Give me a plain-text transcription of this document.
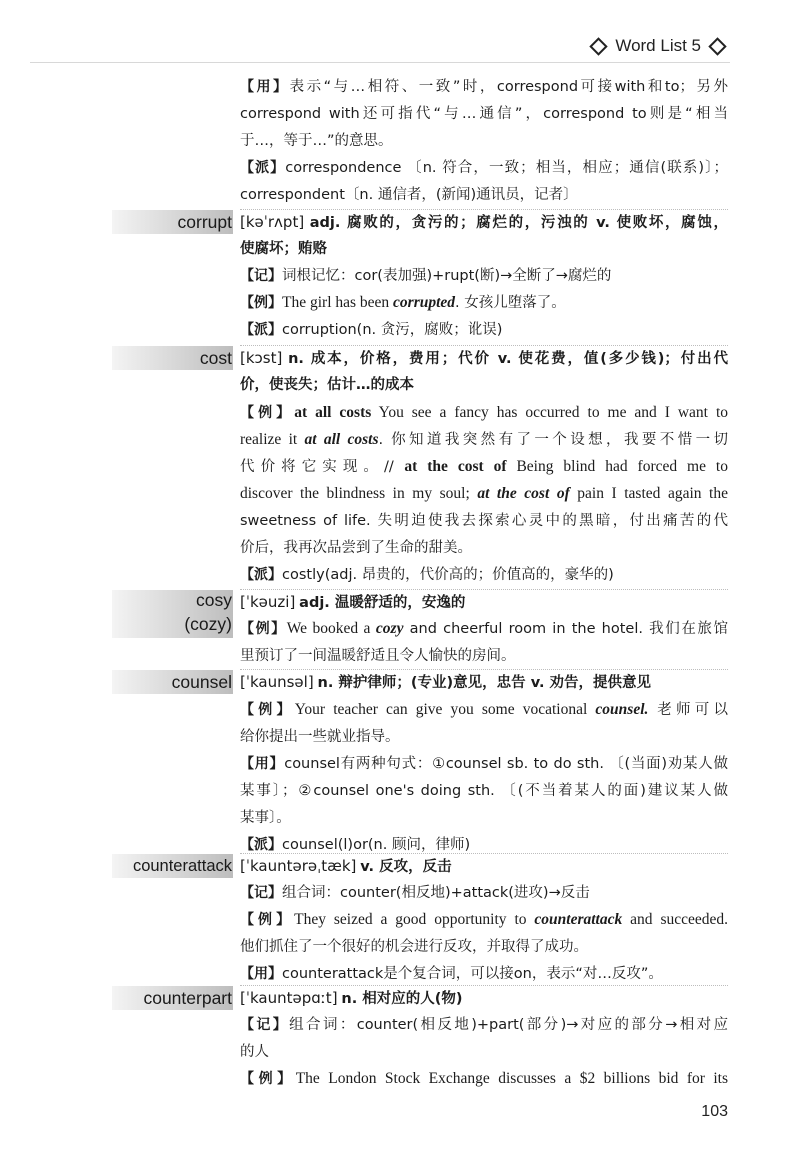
Word List 5
【用】表示“与…相符、一致”时，correspond可接with和to；另外
correspond with还可指代“与…通信”，correspond to则是“相当
于…，等于…”的意思。
【派】correspondence 〔n. 符合，一致；相当，相应；通信(联系)〕；
correspondent〔n. 通信者，(新闻)通讯员，记者〕
corrupt [kəˈrʌpt] adj. 腐败的，贪污的；腐烂的，污浊的 v. 使败坏，腐蚀，
使腐坏；贿赂
【记】词根记忆：cor(表加强)+rupt(断)→全断了→腐烂的
【例】The girl has been corrupted. 女孩儿堕落了。
【派】corruption(n. 贪污，腐败；讹误)
cost [kɔst] n. 成本，价格，费用；代价 v. 使花费，值(多少钱)；付出代
价，使丧失；估计…的成本
【例】at all costs You see a fancy has occurred to me and I want to
realize it at all costs. 你知道我突然有了一个设想，我要不惜一切
代价将它实现。// at the cost of Being blind had forced me to
discover the blindness in my soul; at the cost of pain I tasted again the
sweetness of life. 失明迫使我去探索心灵中的黑暗，付出痛苦的代
价后，我再次品尝到了生命的甜美。
【派】costly(adj. 昂贵的，代价高的；价值高的，豪华的)
cosy
(cozy)
[ˈkəuzi] adj. 温暖舒适的，安逸的
【例】We booked a cozy and cheerful room in the hotel. 我们在旅馆
里预订了一间温暖舒适且令人愉快的房间。
counsel [ˈkaunsəl] n. 辩护律师；(专业)意见，忠告 v. 劝告，提供意见
【例】Your teacher can give you some vocational counsel. 老师可以
给你提出一些就业指导。
【用】counsel有两种句式：①counsel sb. to do sth. 〔(当面)劝某人做
某事〕；②counsel one's doing sth. 〔(不当着某人的面)建议某人做
某事〕。
【派】counsel(l)or(n. 顾问，律师)
counterattack [ˈkauntərəˌtæk] v. 反攻，反击
【记】组合词：counter(相反地)+attack(进攻)→反击
【例】They seized a good opportunity to counterattack and succeeded.
他们抓住了一个很好的机会进行反攻，并取得了成功。
【用】counterattack是个复合词，可以接on，表示“对…反攻”。
counterpart [ˈkauntəpɑːt] n. 相对应的人(物)
【记】组合词：counter(相反地)+part(部分)→对应的部分→相对应
的人
【例】The London Stock Exchange discusses a $2 billions bid for its
103
